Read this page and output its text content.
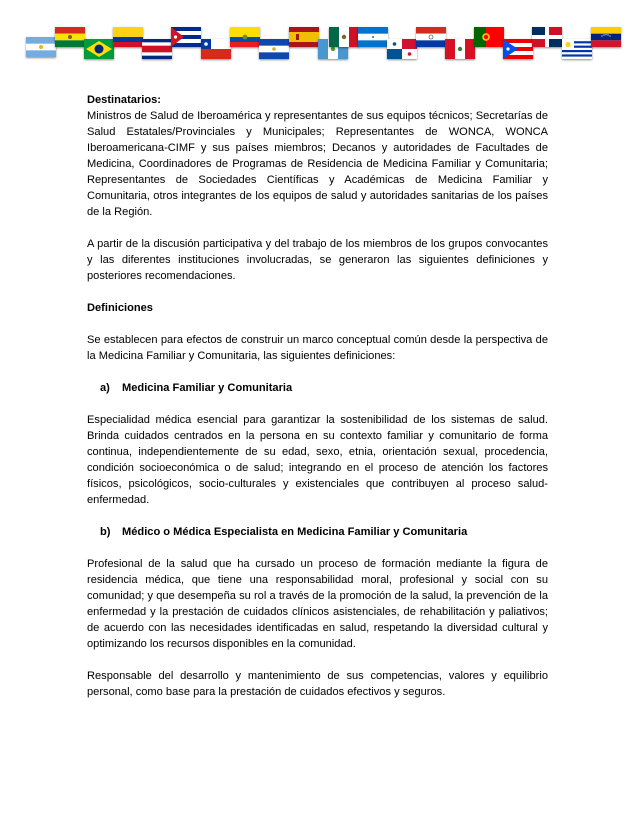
Destinatarios:

Ministros de Salud de Iberoamérica y representantes de sus equipos técnicos; Secretarías de Salud Estatales/Provinciales y Municipales; Representantes de WONCA, WONCA Iberoamericana-CIMF y sus países miembros; Decanos y autoridades de Facultades de Medicina, Coordinadores de Programas de Residencia de Medicina Familiar y Comunitaria; Representantes de Sociedades Científicas y Académicas de Medicina Familiar y Comunitaria, otros integrantes de los equipos de salud y autoridades sanitarias de los países de la Región.

A partir de la discusión participativa y del trabajo de los miembros de los grupos convocantes y las diferentes instituciones involucradas, se generaron las siguientes definiciones y posteriores recomendaciones.

Definiciones

Se establecen para efectos de construir un marco conceptual común desde la perspectiva de la Medicina Familiar y Comunitaria, las siguientes definiciones:

a) Medicina Familiar y Comunitaria

Especialidad médica esencial para garantizar la sostenibilidad de los sistemas de salud. Brinda cuidados centrados en la persona en su contexto familiar y comunitario de forma continua, independientemente de su edad, sexo, etnia, orientación sexual, procedencia, condición socioeconómica o de salud; integrando en el proceso de atención los factores físicos, psicológicos, socio-culturales y existenciales que contribuyen al proceso salud-enfermedad.

b) Médico o Médica Especialista en Medicina Familiar y Comunitaria

Profesional de la salud que ha cursado un proceso de formación mediante la figura de residencia médica, que tiene una responsabilidad moral, profesional y social con su comunidad; y que desempeña su rol a través de la promoción de la salud, la prevención de la enfermedad y la prestación de cuidados clínicos asistenciales, de rehabilitación y paliativos; de acuerdo con las necesidades identificadas en salud, respetando la diversidad cultural y optimizando los recursos disponibles en la comunidad.

Responsable del desarrollo y mantenimiento de sus competencias, valores y equilibrio personal, como base para la prestación de cuidados efectivos y seguros.
